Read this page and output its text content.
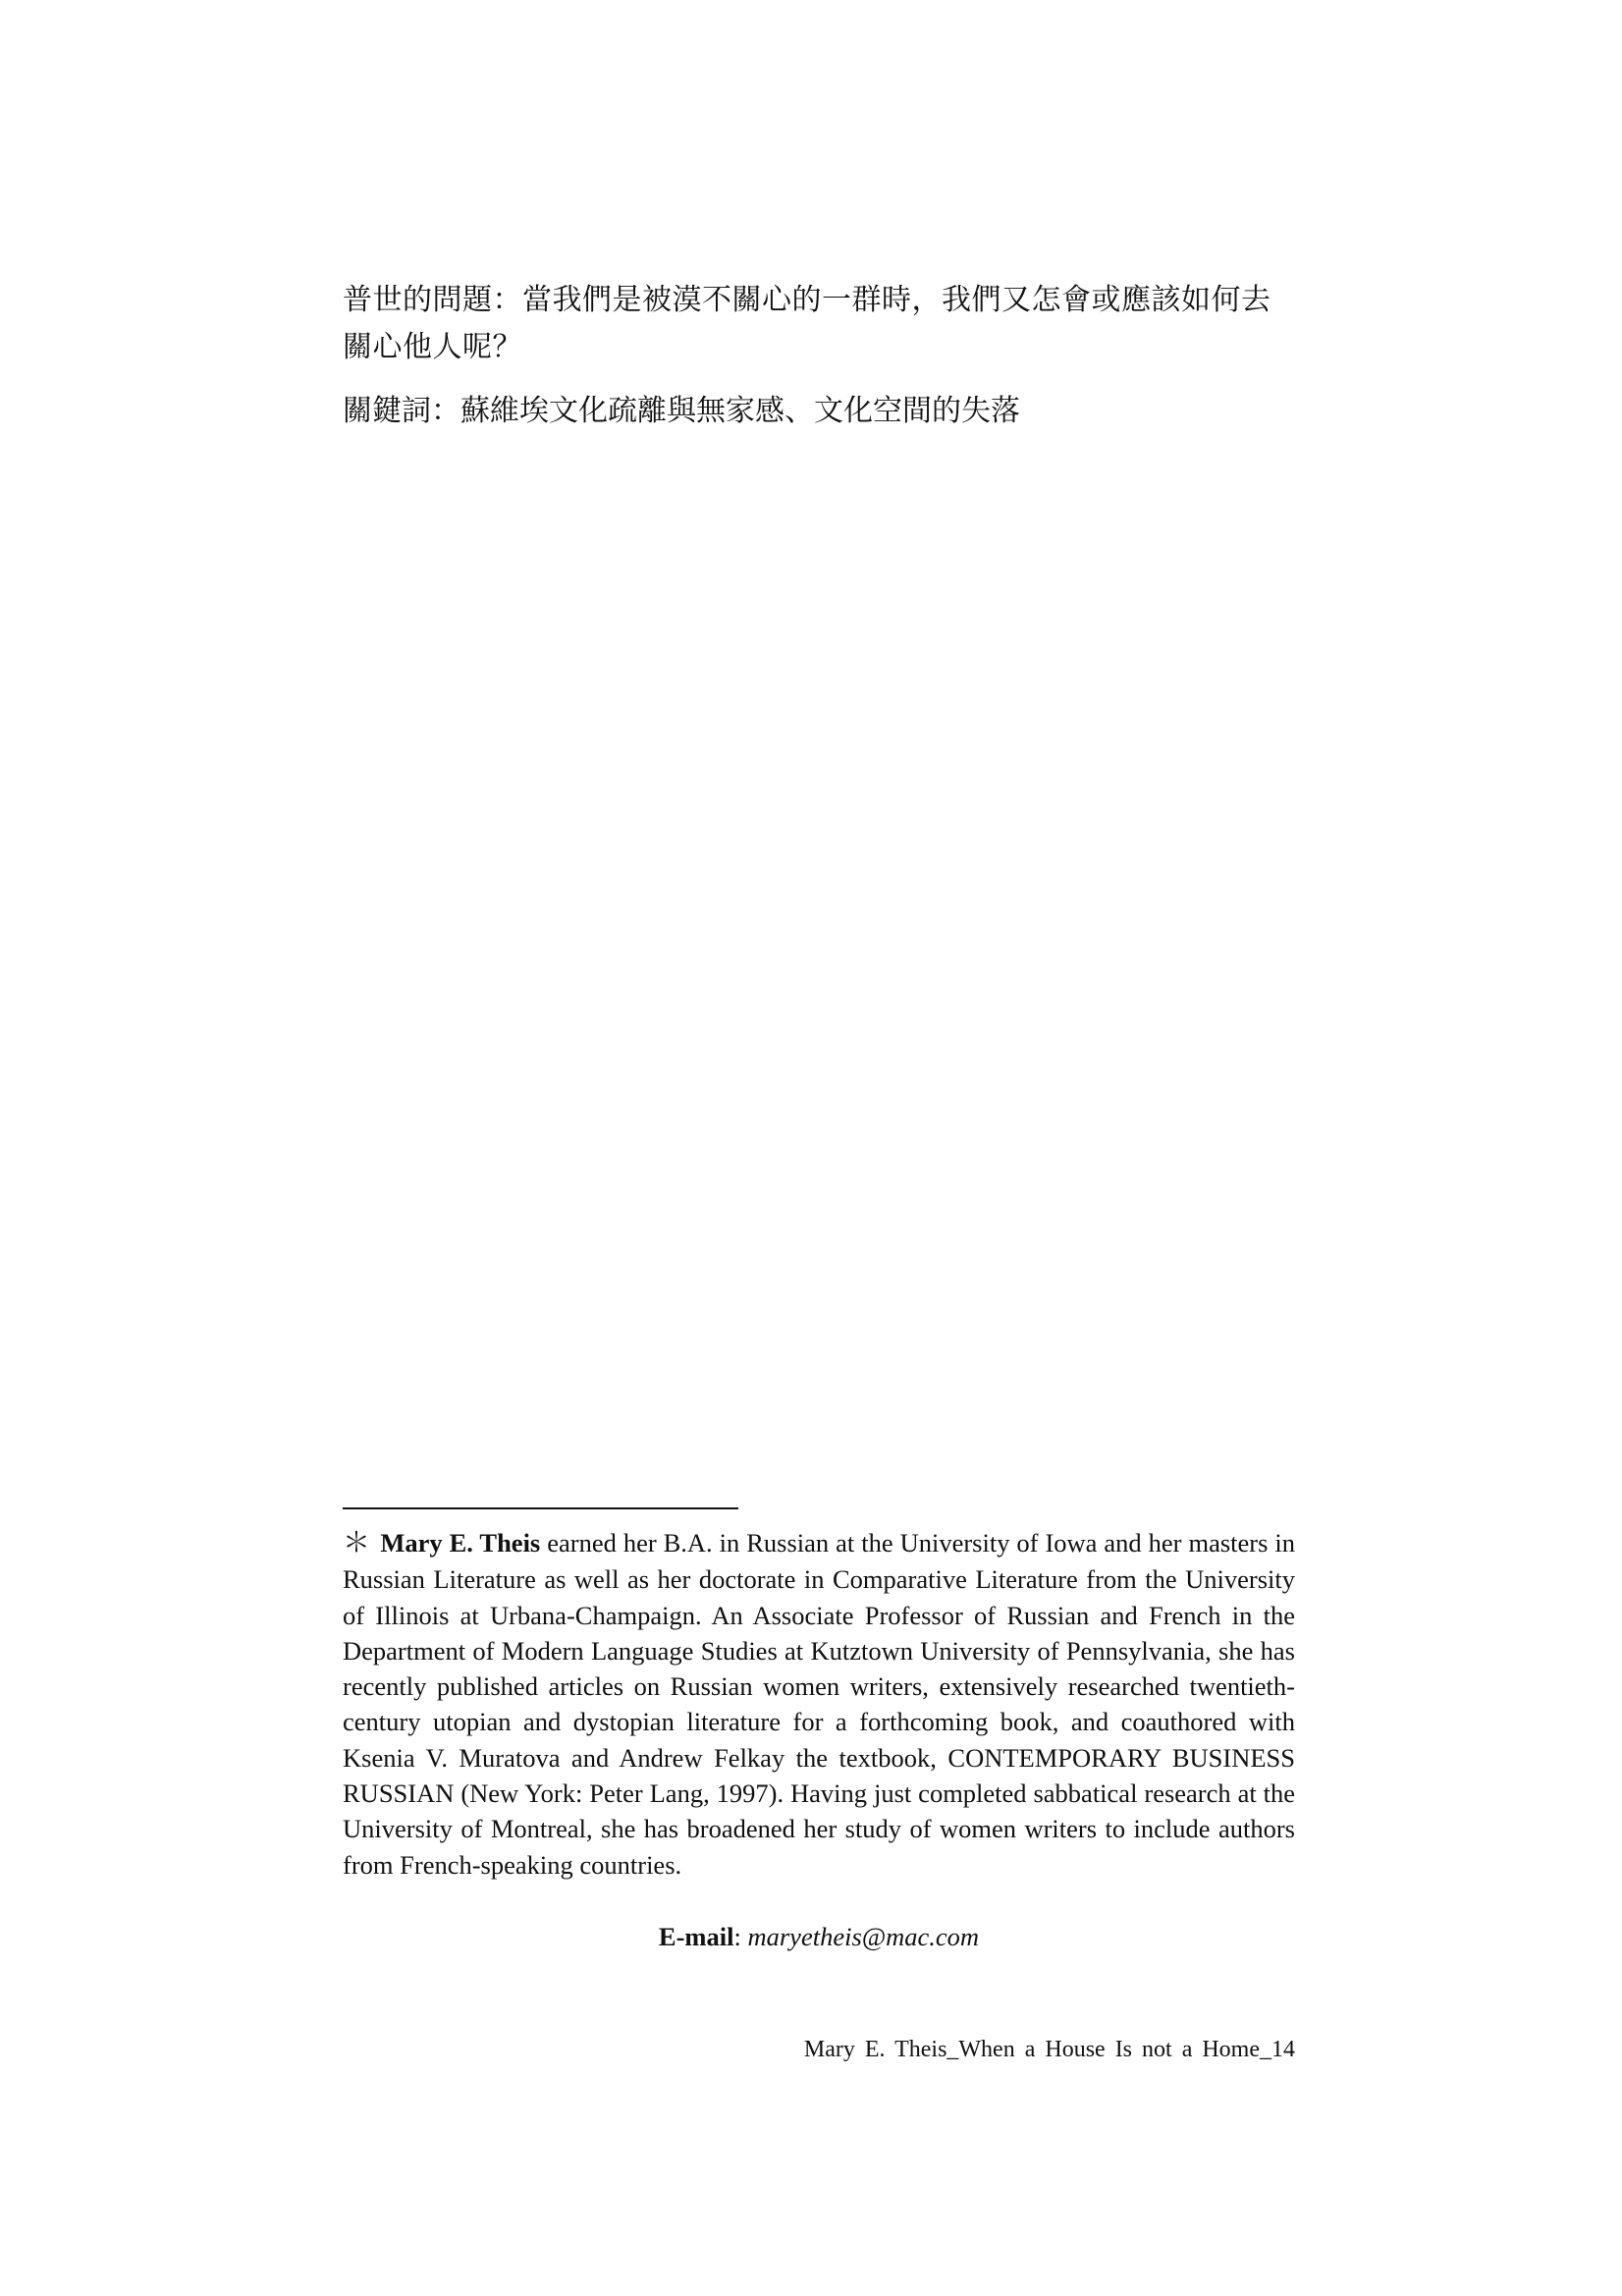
普世的問題：當我們是被漠不關心的一群時，我們又怎會或應該如何去關心他人呢？

關鍵詞：蘇維埃文化疏離與無家感、文化空間的失落

＊ Mary E. Theis earned her B.A. in Russian at the University of Iowa and her masters in Russian Literature as well as her doctorate in Comparative Literature from the University of Illinois at Urbana-Champaign. An Associate Professor of Russian and French in the Department of Modern Language Studies at Kutztown University of Pennsylvania, she has recently published articles on Russian women writers, extensively researched twentieth-century utopian and dystopian literature for a forthcoming book, and coauthored with Ksenia V. Muratova and Andrew Felkay the textbook, CONTEMPORARY BUSINESS RUSSIAN (New York: Peter Lang, 1997). Having just completed sabbatical research at the University of Montreal, she has broadened her study of women writers to include authors from French-speaking countries.

E-mail: maryetheis@mac.com

Mary E. Theis_When a House Is not a Home_14
